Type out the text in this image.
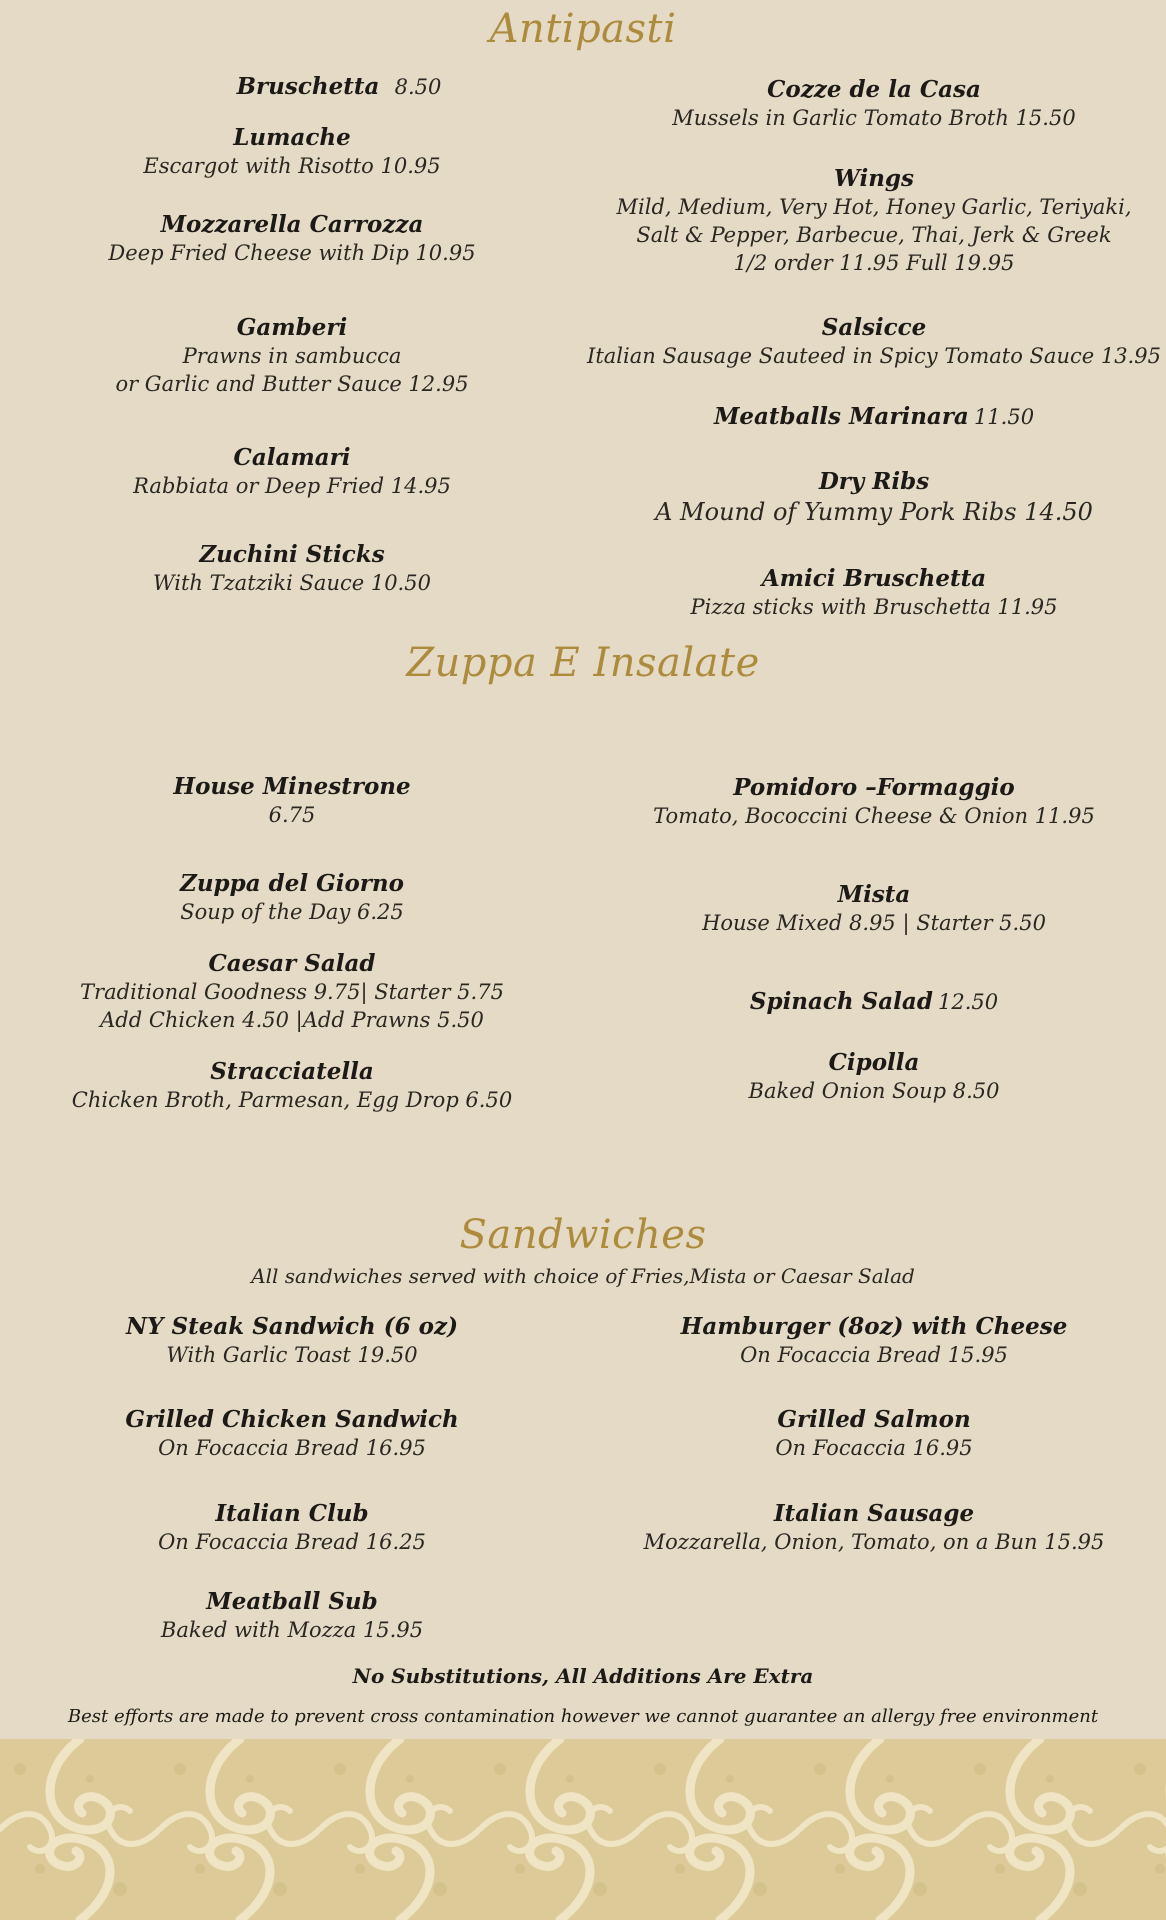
Antipasti
Bruschetta 8.50
Lumache
Escargot with Risotto 10.95
Mozzarella Carrozza
Deep Fried Cheese with Dip 10.95
Gamberi
Prawns in sambucca
or Garlic and Butter Sauce 12.95
Calamari
Rabbiata or Deep Fried 14.95
Zuchini Sticks
With Tzatziki Sauce 10.50
Cozze de la Casa
Mussels in Garlic Tomato Broth 15.50
Wings
Mild, Medium, Very Hot, Honey Garlic, Teriyaki,
Salt & Pepper, Barbecue, Thai, Jerk & Greek
1/2 order 11.95 Full 19.95
Salsicce
Italian Sausage Sauteed in Spicy Tomato Sauce 13.95
Meatballs Marinara 11.50
Dry Ribs
A Mound of Yummy Pork Ribs 14.50
Amici Bruschetta
Pizza sticks with Bruschetta 11.95
Zuppa E Insalate
House Minestrone
6.75
Zuppa del Giorno
Soup of the Day 6.25
Caesar Salad
Traditional Goodness 9.75| Starter 5.75
Add Chicken 4.50 |Add Prawns 5.50
Stracciatella
Chicken Broth, Parmesan, Egg Drop 6.50
Pomidoro –Formaggio
Tomato, Bococcini Cheese & Onion 11.95
Mista
House Mixed 8.95 | Starter 5.50
Spinach Salad 12.50
Cipolla
Baked Onion Soup 8.50
Sandwiches
All sandwiches served with choice of Fries,Mista or Caesar Salad
NY Steak Sandwich (6 oz)
With Garlic Toast 19.50
Grilled Chicken Sandwich
On Focaccia Bread 16.95
Italian Club
On Focaccia Bread 16.25
Meatball Sub
Baked with Mozza 15.95
Hamburger (8oz) with Cheese
On Focaccia Bread 15.95
Grilled Salmon
On Focaccia 16.95
Italian Sausage
Mozzarella, Onion, Tomato, on a Bun 15.95
No Substitutions, All Additions Are Extra
Best efforts are made to prevent cross contamination however we cannot guarantee an allergy free environment
